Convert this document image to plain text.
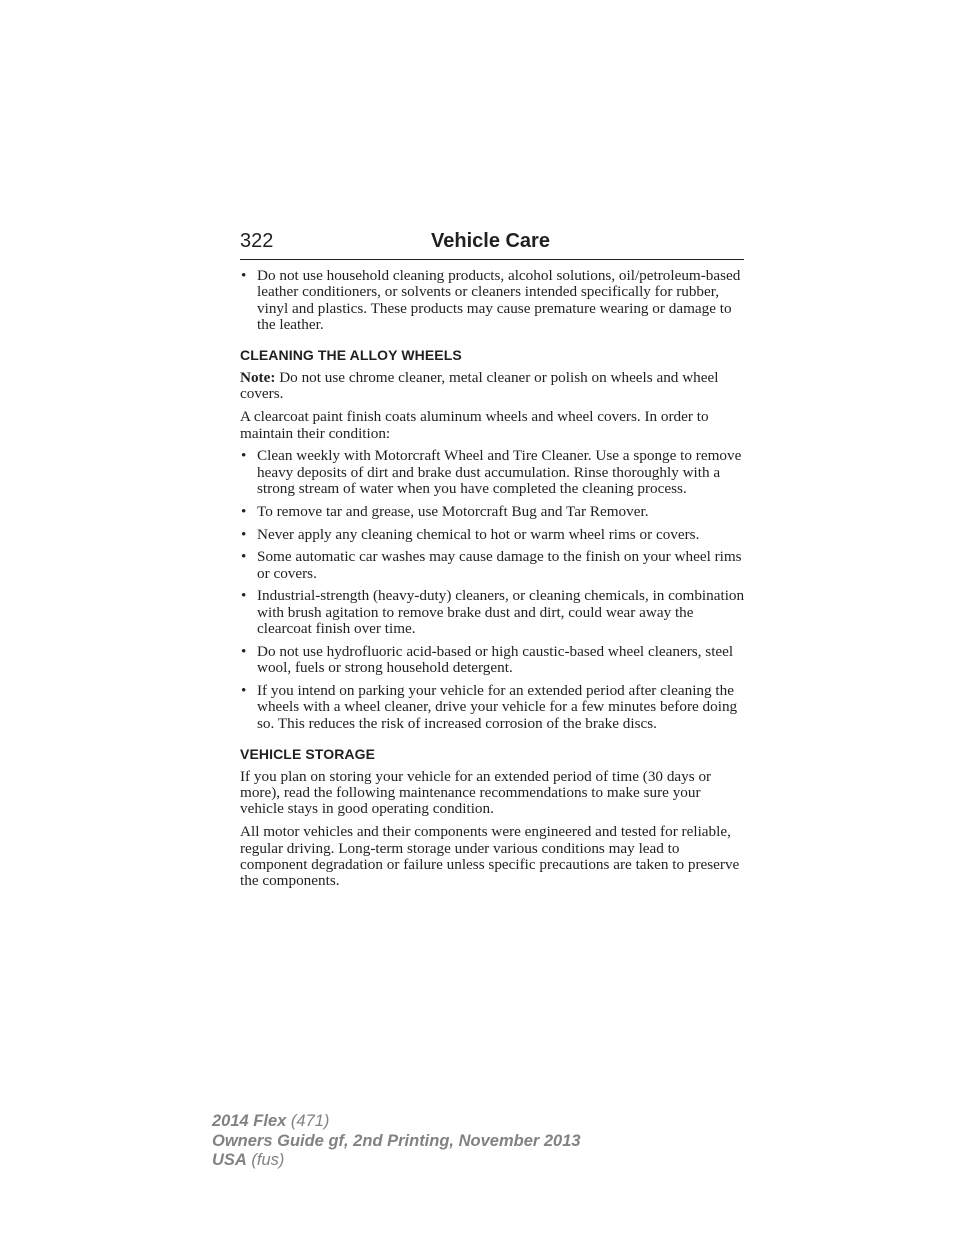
322	Vehicle Care
• Do not use household cleaning products, alcohol solutions, oil/petroleum-based leather conditioners, or solvents or cleaners intended specifically for rubber, vinyl and plastics. These products may cause premature wearing or damage to the leather.
CLEANING THE ALLOY WHEELS

Note: Do not use chrome cleaner, metal cleaner or polish on wheels and wheel covers.

A clearcoat paint finish coats aluminum wheels and wheel covers. In order to maintain their condition:

• Clean weekly with Motorcraft Wheel and Tire Cleaner. Use a sponge to remove heavy deposits of dirt and brake dust accumulation. Rinse thoroughly with a strong stream of water when you have completed the cleaning process.
• To remove tar and grease, use Motorcraft Bug and Tar Remover.
• Never apply any cleaning chemical to hot or warm wheel rims or covers.
• Some automatic car washes may cause damage to the finish on your wheel rims or covers.
• Industrial-strength (heavy-duty) cleaners, or cleaning chemicals, in combination with brush agitation to remove brake dust and dirt, could wear away the clearcoat finish over time.
• Do not use hydrofluoric acid-based or high caustic-based wheel cleaners, steel wool, fuels or strong household detergent.
• If you intend on parking your vehicle for an extended period after cleaning the wheels with a wheel cleaner, drive your vehicle for a few minutes before doing so. This reduces the risk of increased corrosion of the brake discs.
VEHICLE STORAGE

If you plan on storing your vehicle for an extended period of time (30 days or more), read the following maintenance recommendations to make sure your vehicle stays in good operating condition.

All motor vehicles and their components were engineered and tested for reliable, regular driving. Long-term storage under various conditions may lead to component degradation or failure unless specific precautions are taken to preserve the components.

2014 Flex (471)
Owners Guide gf, 2nd Printing, November 2013
USA (fus)
